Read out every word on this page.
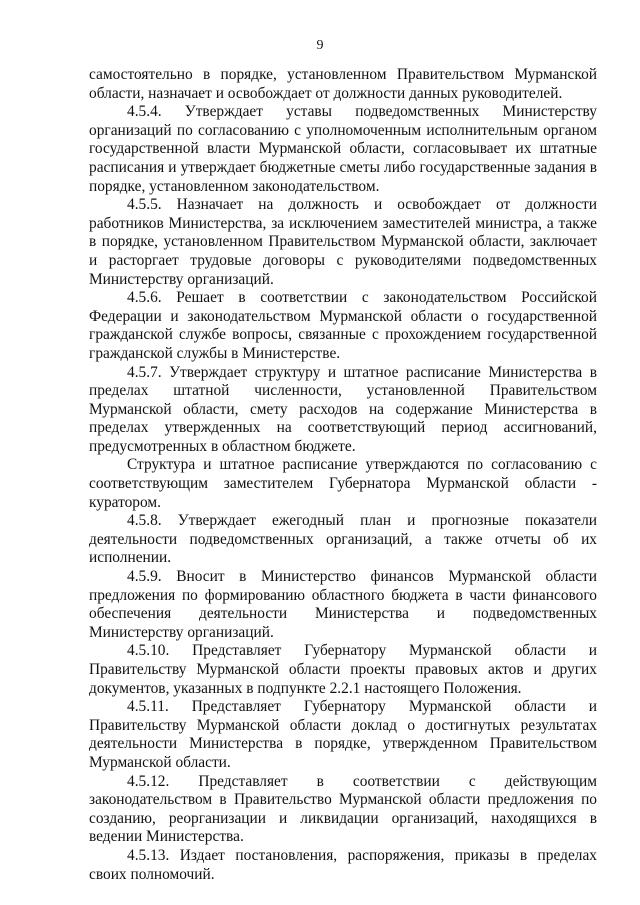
9

самостоятельно в порядке, установленном Правительством Мурманской области, назначает и освобождает от должности данных руководителей.

4.5.4. Утверждает уставы подведомственных Министерству организаций по согласованию с уполномоченным исполнительным органом государственной власти Мурманской области, согласовывает их штатные расписания и утверждает бюджетные сметы либо государственные задания в порядке, установленном законодательством.

4.5.5. Назначает на должность и освобождает от должности работников Министерства, за исключением заместителей министра, а также в порядке, установленном Правительством Мурманской области, заключает и расторгает трудовые договоры с руководителями подведомственных Министерству организаций.

4.5.6. Решает в соответствии с законодательством Российской Федерации и законодательством Мурманской области о государственной гражданской службе вопросы, связанные с прохождением государственной гражданской службы в Министерстве.

4.5.7. Утверждает структуру и штатное расписание Министерства в пределах штатной численности, установленной Правительством Мурманской области, смету расходов на содержание Министерства в пределах утвержденных на соответствующий период ассигнований, предусмотренных в областном бюджете.

Структура и штатное расписание утверждаются по согласованию с соответствующим заместителем Губернатора Мурманской области - куратором.

4.5.8. Утверждает ежегодный план и прогнозные показатели деятельности подведомственных организаций, а также отчеты об их исполнении.

4.5.9. Вносит в Министерство финансов Мурманской области предложения по формированию областного бюджета в части финансового обеспечения деятельности Министерства и подведомственных Министерству организаций.

4.5.10. Представляет Губернатору Мурманской области и Правительству Мурманской области проекты правовых актов и других документов, указанных в подпункте 2.2.1 настоящего Положения.

4.5.11. Представляет Губернатору Мурманской области и Правительству Мурманской области доклад о достигнутых результатах деятельности Министерства в порядке, утвержденном Правительством Мурманской области.

4.5.12. Представляет в соответствии с действующим законодательством в Правительство Мурманской области предложения по созданию, реорганизации и ликвидации организаций, находящихся в ведении Министерства.

4.5.13. Издает постановления, распоряжения, приказы в пределах своих полномочий.
